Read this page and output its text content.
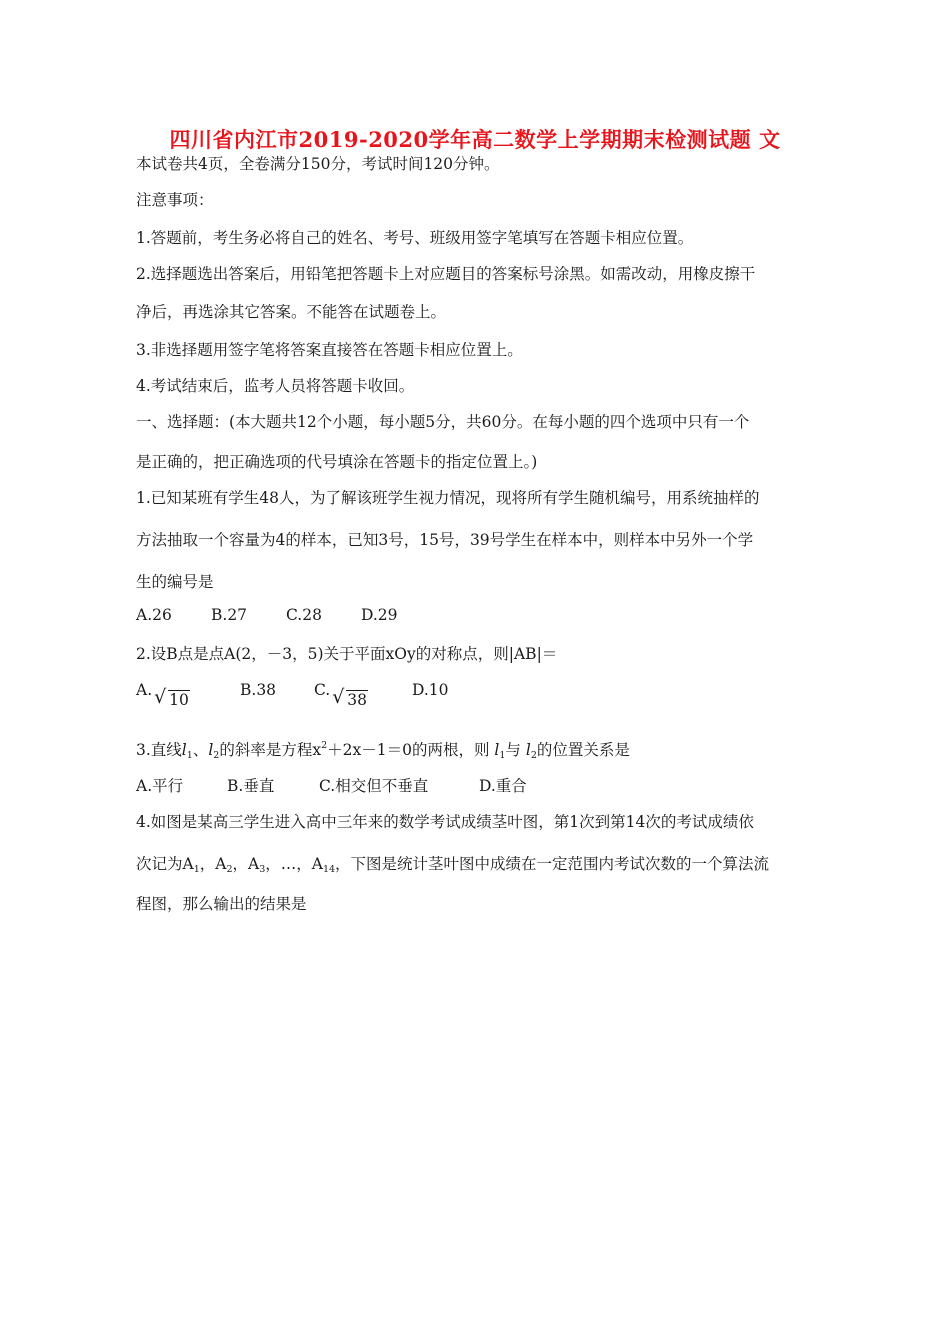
四川省内江市2019-2020学年高二数学上学期期末检测试题 文
本试卷共4页，全卷满分150分，考试时间120分钟。
注意事项：
1.答题前，考生务必将自己的姓名、考号、班级用签字笔填写在答题卡相应位置。
2.选择题选出答案后，用铅笔把答题卡上对应题目的答案标号涂黑。如需改动，用橡皮擦干
净后，再选涂其它答案。不能答在试题卷上。
3.非选择题用签字笔将答案直接答在答题卡相应位置上。
4.考试结束后，监考人员将答题卡收回。
一、选择题：(本大题共12个小题，每小题5分，共60分。在每小题的四个选项中只有一个
是正确的，把正确选项的代号填涂在答题卡的指定位置上。)
1.已知某班有学生48人，为了解该班学生视力情况，现将所有学生随机编号，用系统抽样的
方法抽取一个容量为4的样本，已知3号，15号，39号学生在样本中，则样本中另外一个学
生的编号是
A.26	B.27	C.28	D.29
2.设B点是点A(2，－3，5)关于平面xOy的对称点，则|AB|＝
A. √ 10B.38 C. √ 38D.10
3.直线$l_1$、$l_2$的斜率是方程$x^2+2x-1=0$的两根，则 $l_1$与 $l_2$的位置关系是
A.平行	B.垂直	C.相交但不垂直	D.重合
4.如图是某高三学生进入高中三年来的数学考试成绩茎叶图，第1次到第14次的考试成绩依
次记为$A_1$，$A_2$，$A_3$，…，$A_{14}$，下图是统计茎叶图中成绩在一定范围内考试次数的一个算法流
程图，那么输出的结果是
